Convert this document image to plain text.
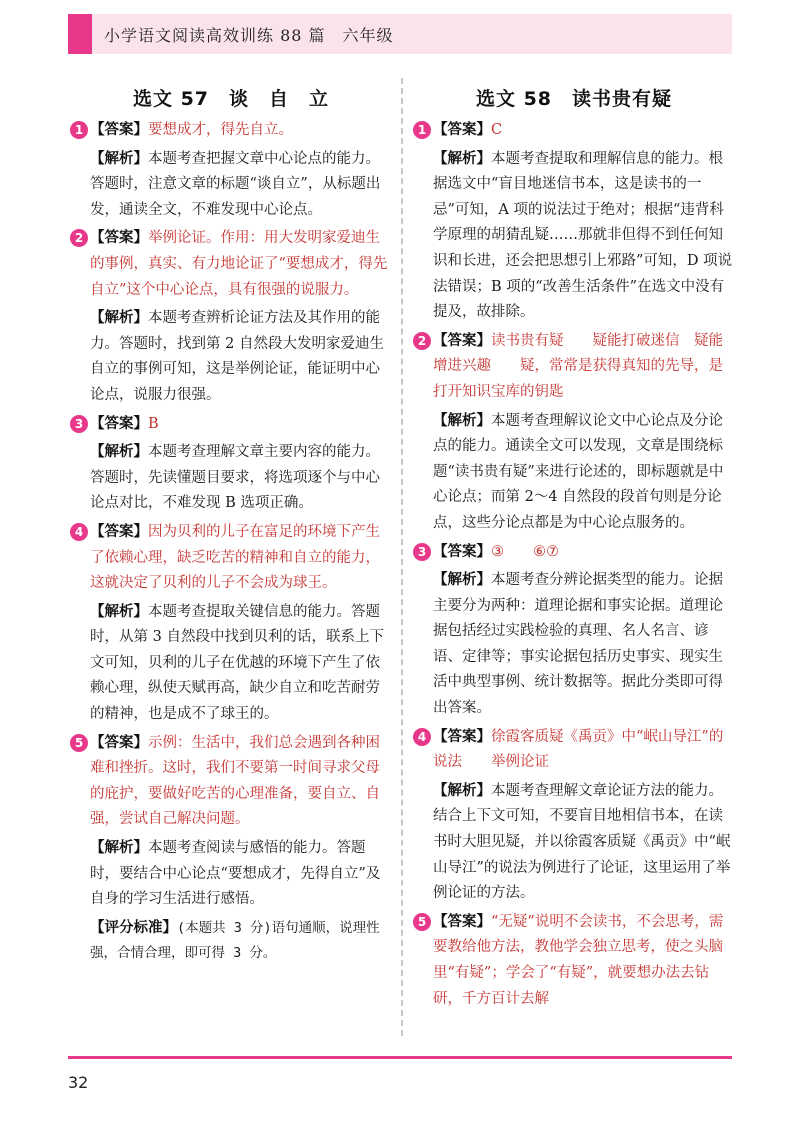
小学语文阅读高效训练 88 篇　六年级
选文 57　谈　自　立
1 【答案】要想成才，得先自立。
【解析】本题考查把握文章中心论点的能力。答题时，注意文章的标题“谈自立”，从标题出发，通读全文，不难发现中心论点。
2 【答案】举例论证。作用：用大发明家爱迪生的事例，真实、有力地论证了“要想成才，得先自立”这个中心论点，具有很强的说服力。
【解析】本题考查辨析论证方法及其作用的能力。答题时，找到第 2 自然段大发明家爱迪生自立的事例可知，这是举例论证，能证明中心论点，说服力很强。
3 【答案】B
【解析】本题考查理解文章主要内容的能力。答题时，先读懂题目要求，将选项逐个与中心论点对比，不难发现 B 选项正确。
4 【答案】因为贝利的儿子在富足的环境下产生了依赖心理，缺乏吃苦的精神和自立的能力，这就决定了贝利的儿子不会成为球王。
【解析】本题考查提取关键信息的能力。答题时，从第 3 自然段中找到贝利的话，联系上下文可知，贝利的儿子在优越的环境下产生了依赖心理，纵使天赋再高，缺少自立和吃苦耐劳的精神，也是成不了球王的。
5 【答案】示例：生活中，我们总会遇到各种困难和挫折。这时，我们不要第一时间寻求父母的庇护，要做好吃苦的心理准备，要自立、自强，尝试自己解决问题。
【解析】本题考查阅读与感悟的能力。答题时，要结合中心论点“要想成才，先得自立”及自身的学习生活进行感悟。
【评分标准】(本题共 3 分)语句通顺，说理性强，合情合理，即可得 3 分。
选文 58　读书贵有疑
1 【答案】C
【解析】本题考查提取和理解信息的能力。根据选文中“盲目地迷信书本，这是读书的一忌”可知，A 项的说法过于绝对；根据“违背科学原理的胡猜乱疑……那就非但得不到任何知识和长进，还会把思想引上邪路”可知，D 项说法错误；B 项的“改善生活条件”在选文中没有提及，故排除。
2 【答案】读书贵有疑　　疑能打破迷信　疑能增进兴趣　　疑，常常是获得真知的先导，是打开知识宝库的钥匙
【解析】本题考查理解议论文中心论点及分论点的能力。通读全文可以发现，文章是围绕标题“读书贵有疑”来进行论述的，即标题就是中心论点；而第 2～4 自然段的段首句则是分论点，这些分论点都是为中心论点服务的。
3 【答案】③　　⑥⑦
【解析】本题考查分辨论据类型的能力。论据主要分为两种：道理论据和事实论据。道理论据包括经过实践检验的真理、名人名言、谚语、定律等；事实论据包括历史事实、现实生活中典型事例、统计数据等。据此分类即可得出答案。
4 【答案】徐霞客质疑《禹贡》中“岷山导江”的说法　　举例论证
【解析】本题考查理解文章论证方法的能力。结合上下文可知，不要盲目地相信书本，在读书时大胆见疑，并以徐霞客质疑《禹贡》中“岷山导江”的说法为例进行了论证，这里运用了举例论证的方法。
5 【答案】“无疑”说明不会读书，不会思考，需要教给他方法，教他学会独立思考，使之头脑里“有疑”；学会了“有疑”，就要想办法去钻研，千方百计去解
32
